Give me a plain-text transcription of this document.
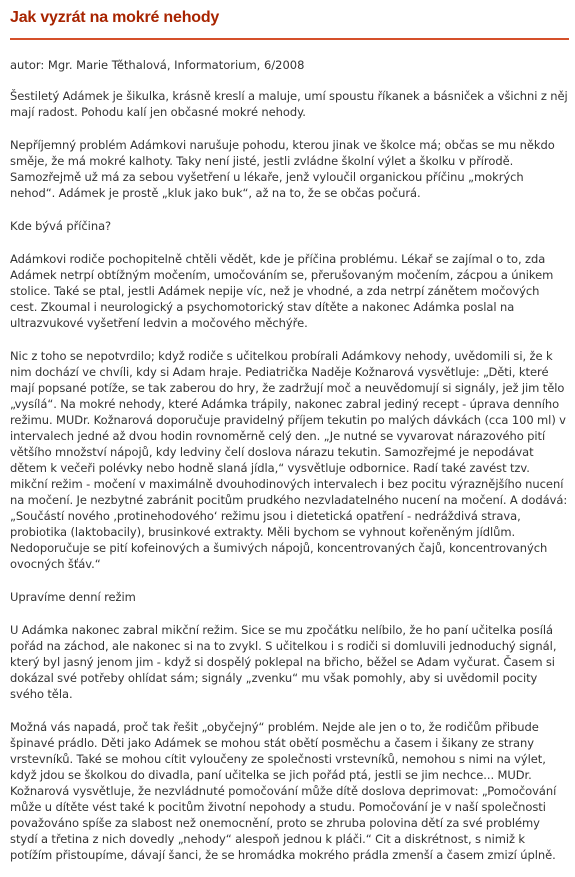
Jak vyzrát na mokré nehody
autor: Mgr. Marie Těthalová, Informatorium, 6/2008

Šestiletý Adámek je šikulka, krásně kreslí a maluje, umí spoustu říkanek a básniček a všichni z něj mají radost. Pohodu kalí jen občasné mokré nehody.

Nepříjemný problém Adámkovi narušuje pohodu, kterou jinak ve školce má; občas se mu někdo směje, že má mokré kalhoty. Taky není jisté, jestli zvládne školní výlet a školku v přírodě. Samozřejmě už má za sebou vyšetření u lékaře, jenž vyloučil organickou příčinu „mokrých nehod“. Adámek je prostě „kluk jako buk“, až na to, že se občas počurá.

Kde bývá příčina?

Adámkovi rodiče pochopitelně chtěli vědět, kde je příčina problému. Lékař se zajímal o to, zda Adámek netrpí obtížným močením, umočováním se, přerušovaným močením, zácpou a únikem stolice. Také se ptal, jestli Adámek nepije víc, než je vhodné, a zda netrpí zánětem močových cest. Zkoumal i neurologický a psychomotorický stav dítěte a nakonec Adámka poslal na ultrazvukové vyšetření ledvin a močového měchýře.

Nic z toho se nepotvrdilo; když rodiče s učitelkou probírali Adámkovy nehody, uvědomili si, že k nim dochází ve chvíli, kdy si Adam hraje. Pediatrička Naděje Kožnarová vysvětluje: „Děti, které mají popsané potíže, se tak zaberou do hry, že zadržují moč a neuvědomují si signály, jež jim tělo „vysílá“. Na mokré nehody, které Adámka trápily, nakonec zabral jediný recept - úprava denního režimu. MUDr. Kožnarová doporučuje pravidelný příjem tekutin po malých dávkách (cca 100 ml) v intervalech jedné až dvou hodin rovnoměrně celý den. „Je nutné se vyvarovat nárazového pití většího množství nápojů, kdy ledviny čelí doslova nárazu tekutin. Samozřejmé je nepodávat dětem k večeři polévky nebo hodně slaná jídla,“ vysvětluje odbornice. Radí také zavést tzv. mikční režim - močení v maximálně dvouhodinových intervalech i bez pocitu výraznějšího nucení na močení. Je nezbytné zabránit pocitům prudkého nezvladatelného nucení na močení. A dodává: „Součástí nového ‚protinehodového‘ režimu jsou i dietetická opatření - nedráždivá strava, probiotika (laktobacily), brusinkové extrakty. Měli bychom se vyhnout kořeněným jídlům. Nedoporučuje se pití kofeinových a šumivých nápojů, koncentrovaných čajů, koncentrovaných ovocných šťáv.“

Upravíme denní režim

U Adámka nakonec zabral mikční režim. Sice se mu zpočátku nelíbilo, že ho paní učitelka posílá pořád na záchod, ale nakonec si na to zvykl. S učitelkou i s rodiči si domluvili jednoduchý signál, který byl jasný jenom jim - když si dospělý poklepal na břicho, běžel se Adam vyčurat. Časem si dokázal své potřeby ohlídat sám; signály „zvenku“ mu však pomohly, aby si uvědomil pocity svého těla.

Možná vás napadá, proč tak řešit „obyčejný“ problém. Nejde ale jen o to, že rodičům přibude špinavé prádlo. Děti jako Adámek se mohou stát obětí posměchu a časem i šikany ze strany vrstevníků. Také se mohou cítit vyloučeny ze společnosti vrstevníků, nemohou s nimi na výlet, když jdou se školkou do divadla, paní učitelka se jich pořád ptá, jestli se jim nechce... MUDr. Kožnarová vysvětluje, že nezvládnuté pomočování může dítě doslova deprimovat: „Pomočování může u dítěte vést také k pocitům životní nepohody a studu. Pomočování je v naší společnosti považováno spíše za slabost než onemocnění, proto se zhruba polovina dětí za své problémy stydí a třetina z nich dovedly „nehody“ alespoň jednou k pláči.“ Cit a diskrétnost, s nimiž k potížím přistoupíme, dávají šanci, že se hromádka mokrého prádla zmenší a časem zmizí úplně.
